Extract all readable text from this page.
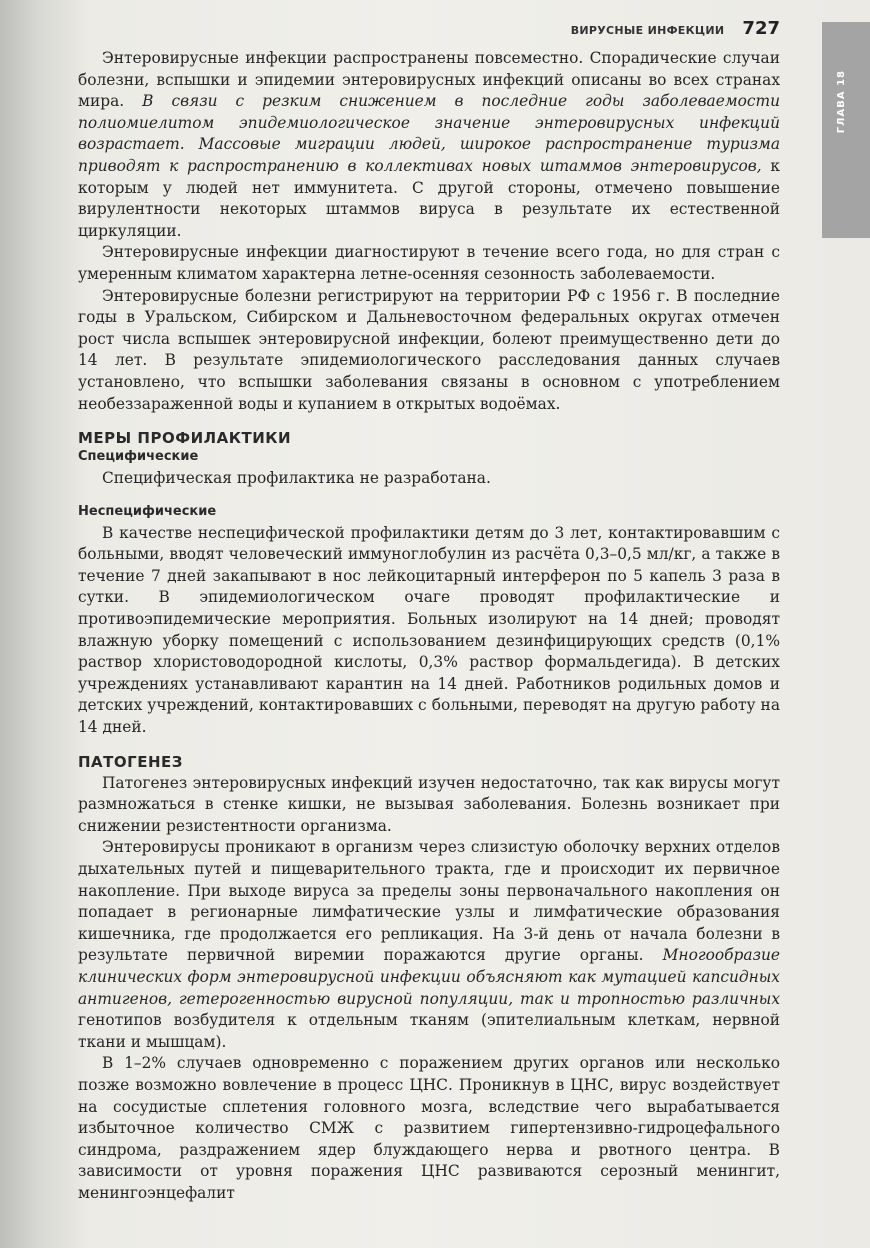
ВИРУСНЫЕ ИНФЕКЦИИ 727
ГЛАВА 18

Энтеровирусные инфекции распространены повсеместно. Спорадические случаи болезни, вспышки и эпидемии энтеровирусных инфекций описаны во всех странах мира. В связи с резким снижением в последние годы заболеваемости полиомиелитом эпидемиологическое значение энтеровирусных инфекций возрастает. Массовые миграции людей, широкое распространение туризма приводят к распространению в коллективах новых штаммов энтеровирусов, к которым у людей нет иммунитета. С другой стороны, отмечено повышение вирулентности некоторых штаммов вируса в результате их естественной циркуляции.

Энтеровирусные инфекции диагностируют в течение всего года, но для стран с умеренным климатом характерна летне-осенняя сезонность заболеваемости.

Энтеровирусные болезни регистрируют на территории РФ с 1956 г. В последние годы в Уральском, Сибирском и Дальневосточном федеральных округах отмечен рост числа вспышек энтеровирусной инфекции, болеют преимущественно дети до 14 лет. В результате эпидемиологического расследования данных случаев установлено, что вспышки заболевания связаны в основном с употреблением необеззараженной воды и купанием в открытых водоёмах.

МЕРЫ ПРОФИЛАКТИКИ
Специфические

Специфическая профилактика не разработана.

Неспецифические

В качестве неспецифической профилактики детям до 3 лет, контактировавшим с больными, вводят человеческий иммуноглобулин из расчёта 0,3–0,5 мл/кг, а также в течение 7 дней закапывают в нос лейкоцитарный интерферон по 5 капель 3 раза в сутки. В эпидемиологическом очаге проводят профилактические и противоэпидемические мероприятия. Больных изолируют на 14 дней; проводят влажную уборку помещений с использованием дезинфицирующих средств (0,1% раствор хлористоводородной кислоты, 0,3% раствор формальдегида). В детских учреждениях устанавливают карантин на 14 дней. Работников родильных домов и детских учреждений, контактировавших с больными, переводят на другую работу на 14 дней.

ПАТОГЕНЕЗ

Патогенез энтеровирусных инфекций изучен недостаточно, так как вирусы могут размножаться в стенке кишки, не вызывая заболевания. Болезнь возникает при снижении резистентности организма.

Энтеровирусы проникают в организм через слизистую оболочку верхних отделов дыхательных путей и пищеварительного тракта, где и происходит их первичное накопление. При выходе вируса за пределы зоны первоначального накопления он попадает в регионарные лимфатические узлы и лимфатические образования кишечника, где продолжается его репликация. На 3-й день от начала болезни в результате первичной виремии поражаются другие органы. Многообразие клинических форм энтеровирусной инфекции объясняют как мутацией капсидных антигенов, гетерогенностью вирусной популяции, так и тропностью различных генотипов возбудителя к отдельным тканям (эпителиальным клеткам, нервной ткани и мышцам).

В 1–2% случаев одновременно с поражением других органов или несколько позже возможно вовлечение в процесс ЦНС. Проникнув в ЦНС, вирус воздействует на сосудистые сплетения головного мозга, вследствие чего вырабатывается избыточное количество СМЖ с развитием гипертензивно-гидроцефального синдрома, раздражением ядер блуждающего нерва и рвотного центра. В зависимости от уровня поражения ЦНС развиваются серозный менингит, менингоэнцефалит
